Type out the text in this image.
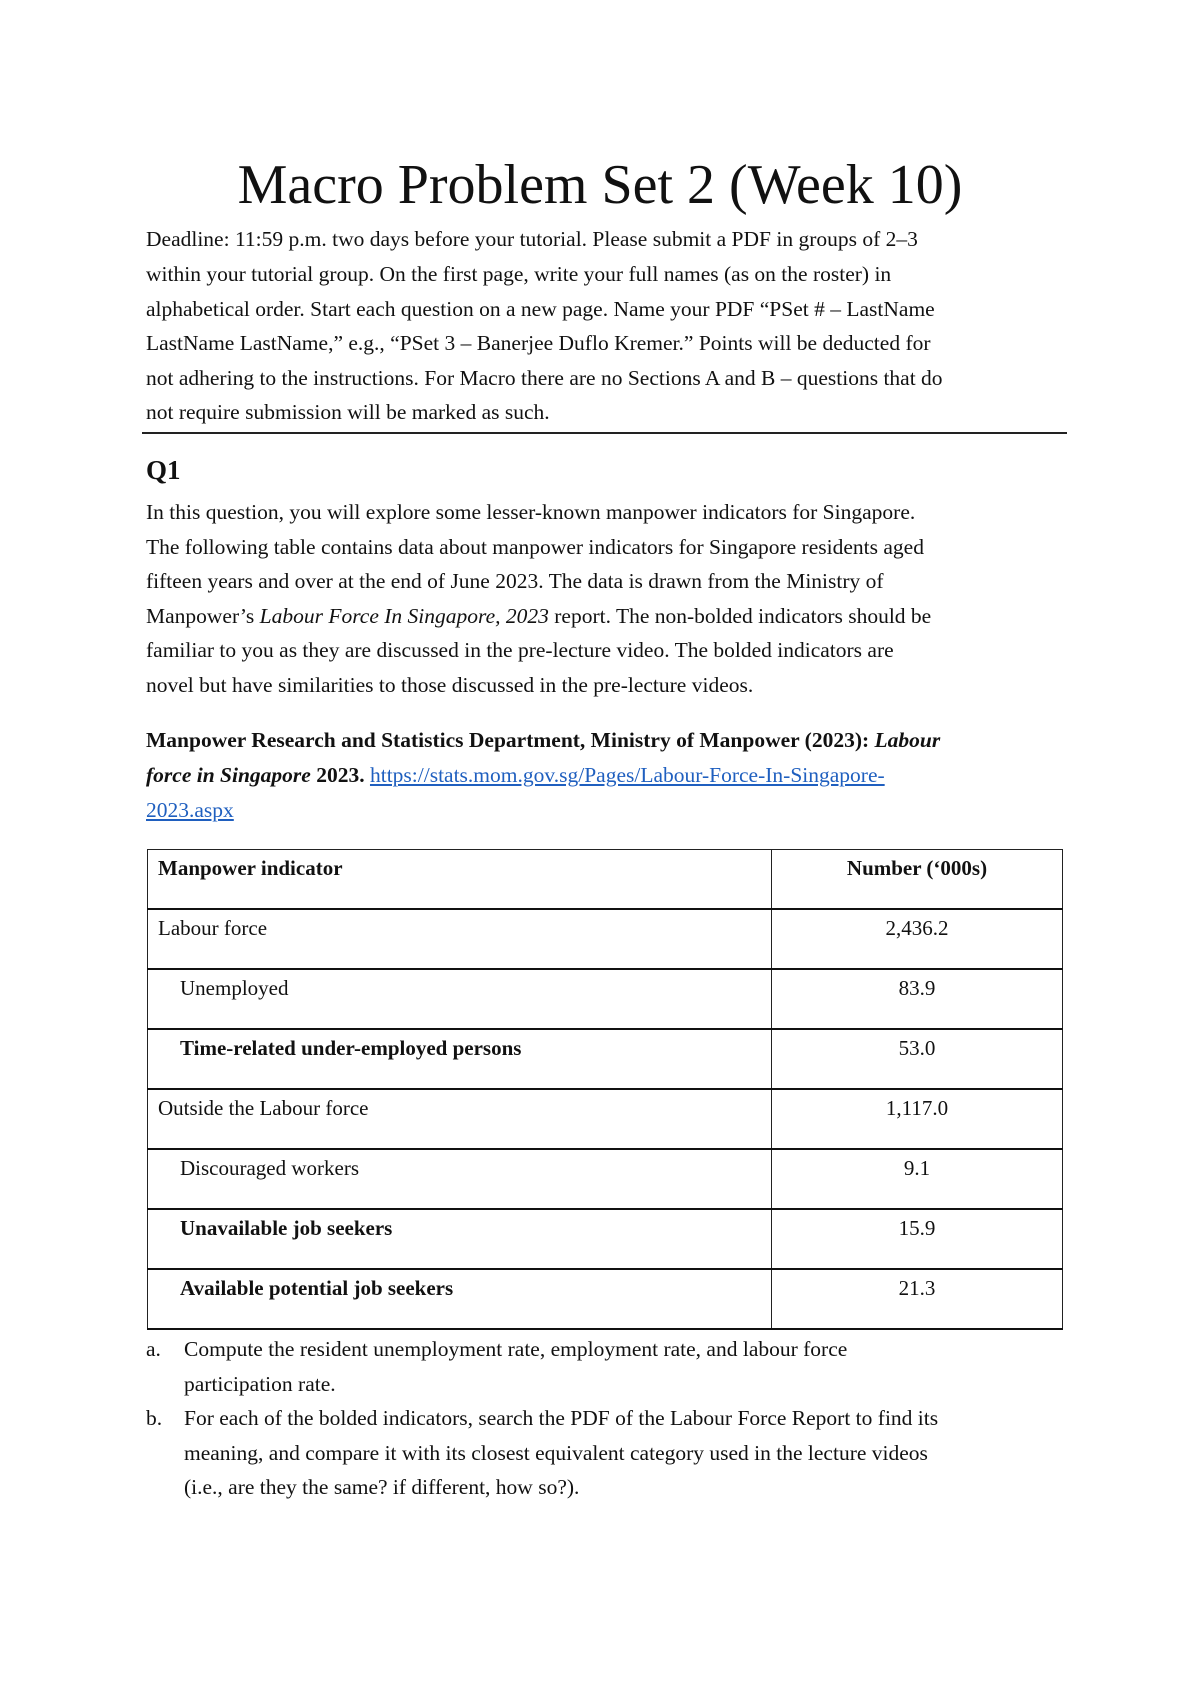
Macro Problem Set 2 (Week 10)
Deadline: 11:59 p.m. two days before your tutorial. Please submit a PDF in groups of 2–3
within your tutorial group. On the first page, write your full names (as on the roster) in
alphabetical order. Start each question on a new page. Name your PDF “PSet # – LastName
LastName LastName,” e.g., “PSet 3 – Banerjee Duflo Kremer.” Points will be deducted for
not adhering to the instructions. For Macro there are no Sections A and B – questions that do
not require submission will be marked as such.
Q1
In this question, you will explore some lesser-known manpower indicators for Singapore.
The following table contains data about manpower indicators for Singapore residents aged
fifteen years and over at the end of June 2023. The data is drawn from the Ministry of
Manpower’s Labour Force In Singapore, 2023 report. The non-bolded indicators should be
familiar to you as they are discussed in the pre-lecture video. The bolded indicators are
novel but have similarities to those discussed in the pre-lecture videos.
Manpower Research and Statistics Department, Ministry of Manpower (2023): Labour
force in Singapore 2023. https://stats.mom.gov.sg/Pages/Labour-Force-In-Singapore-
2023.aspx
Manpower indicator	Number (‘000s)
Labour force	2,436.2
Unemployed	83.9
Time-related under-employed persons	53.0
Outside the Labour force	1,117.0
Discouraged workers	9.1
Unavailable job seekers	15.9
Available potential job seekers	21.3
a. Compute the resident unemployment rate, employment rate, and labour force
participation rate.
b. For each of the bolded indicators, search the PDF of the Labour Force Report to find its
meaning, and compare it with its closest equivalent category used in the lecture videos
(i.e., are they the same? if different, how so?).
